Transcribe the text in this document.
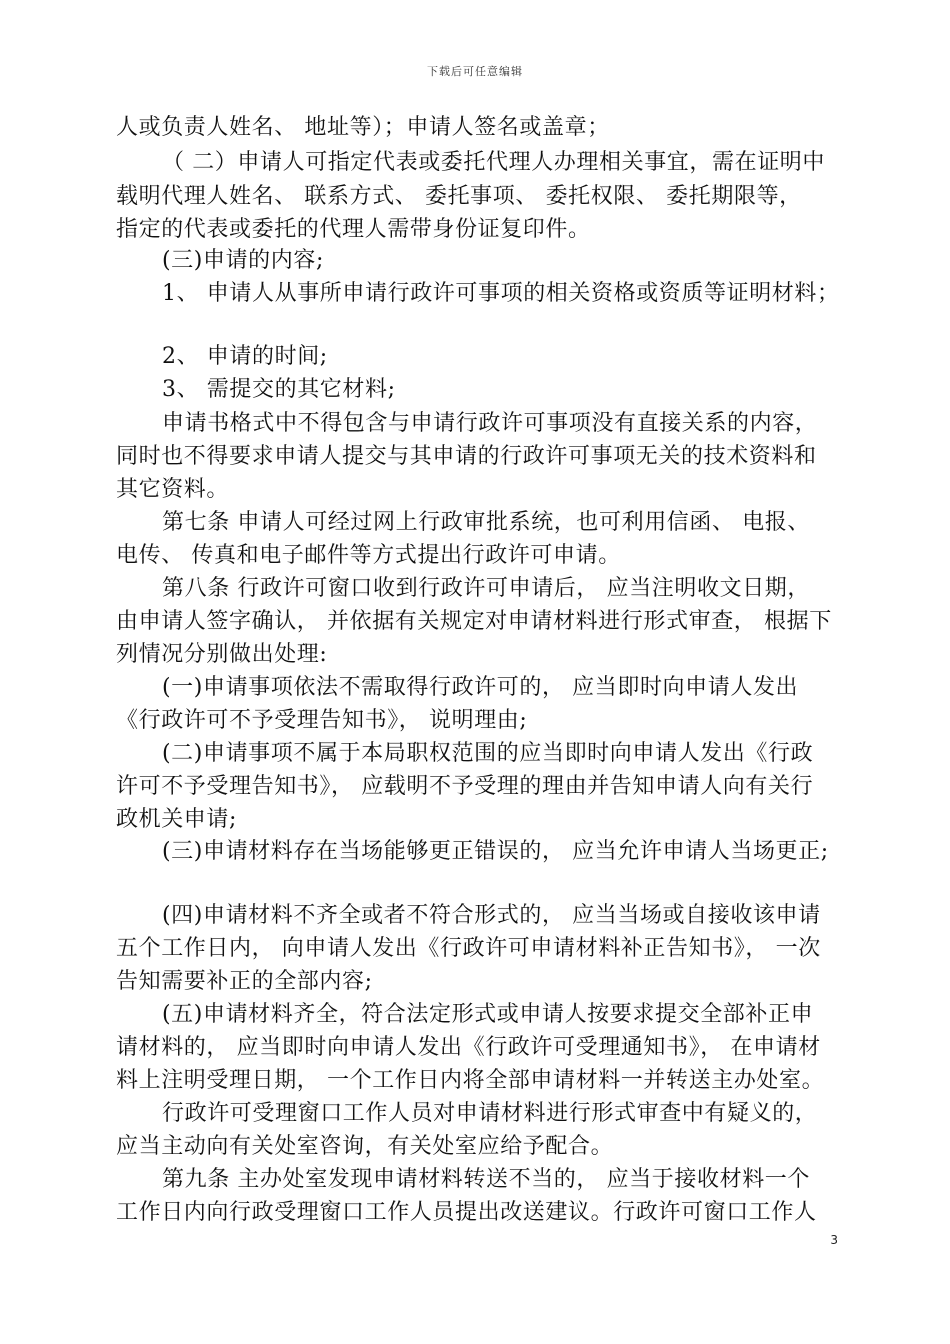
下载后可任意编辑
人或负责人姓名、 地址等）；申请人签名或盖章；
（ 二）申请人可指定代表或委托代理人办理相关事宜，需在证明中
载明代理人姓名、 联系方式、 委托事项、 委托权限、 委托期限等，
指定的代表或委托的代理人需带身份证复印件。
(三)申请的内容;
1、 申请人从事所申请行政许可事项的相关资格或资质等证明材料；
2、 申请的时间;
3、 需提交的其它材料;
申请书格式中不得包含与申请行政许可事项没有直接关系的内容，
同时也不得要求申请人提交与其申请的行政许可事项无关的技术资料和
其它资料。
第七条 申请人可经过网上行政审批系统，也可利用信函、 电报、
电传、 传真和电子邮件等方式提出行政许可申请。
第八条 行政许可窗口收到行政许可申请后， 应当注明收文日期，
由申请人签字确认， 并依据有关规定对申请材料进行形式审查， 根据下
列情况分别做出处理:
(一)申请事项依法不需取得行政许可的， 应当即时向申请人发出
《行政许可不予受理告知书》， 说明理由;
(二)申请事项不属于本局职权范围的应当即时向申请人发出《行政
许可不予受理告知书》， 应载明不予受理的理由并告知申请人向有关行
政机关申请;
(三)申请材料存在当场能够更正错误的， 应当允许申请人当场更正;
(四)申请材料不齐全或者不符合形式的， 应当当场或自接收该申请
五个工作日内， 向申请人发出《行政许可申请材料补正告知书》， 一次
告知需要补正的全部内容;
(五)申请材料齐全，符合法定形式或申请人按要求提交全部补正申
请材料的， 应当即时向申请人发出《行政许可受理通知书》， 在申请材
料上注明受理日期， 一个工作日内将全部申请材料一并转送主办处室。
行政许可受理窗口工作人员对申请材料进行形式审查中有疑义的，
应当主动向有关处室咨询，有关处室应给予配合。
第九条 主办处室发现申请材料转送不当的， 应当于接收材料一个
工作日内向行政受理窗口工作人员提出改送建议。行政许可窗口工作人
3
